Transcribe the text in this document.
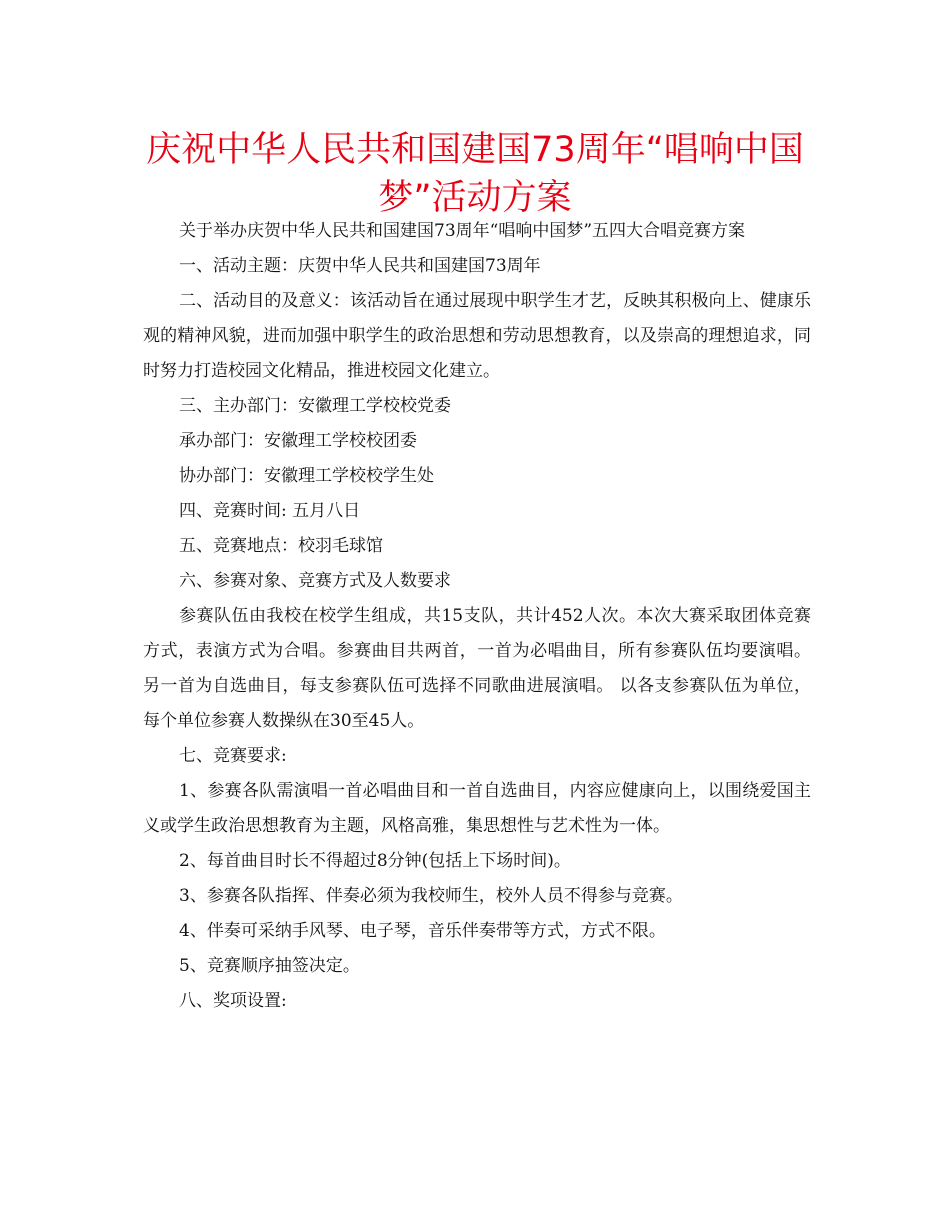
庆祝中华人民共和国建国73周年“唱响中国梦”活动方案

关于举办庆贺中华人民共和国建国73周年“唱响中国梦”五四大合唱竞赛方案

一、活动主题：庆贺中华人民共和国建国73周年

二、活动目的及意义：该活动旨在通过展现中职学生才艺，反映其积极向上、健康乐观的精神风貌，进而加强中职学生的政治思想和劳动思想教育，以及崇高的理想追求，同时努力打造校园文化精品，推进校园文化建立。

三、主办部门：安徽理工学校校党委

承办部门：安徽理工学校校团委

协办部门：安徽理工学校校学生处

四、竞赛时间: 五月八日

五、竞赛地点：校羽毛球馆

六、参赛对象、竞赛方式及人数要求

参赛队伍由我校在校学生组成，共15支队，共计452人次。本次大赛采取团体竞赛方式，表演方式为合唱。参赛曲目共两首，一首为必唱曲目，所有参赛队伍均要演唱。 另一首为自选曲目，每支参赛队伍可选择不同歌曲进展演唱。 以各支参赛队伍为单位，每个单位参赛人数操纵在30至45人。

七、竞赛要求:

1、参赛各队需演唱一首必唱曲目和一首自选曲目，内容应健康向上，以围绕爱国主义或学生政治思想教育为主题，风格高雅，集思想性与艺术性为一体。

2、每首曲目时长不得超过8分钟(包括上下场时间)。

3、参赛各队指挥、伴奏必须为我校师生，校外人员不得参与竞赛。

4、伴奏可采纳手风琴、电子琴，音乐伴奏带等方式，方式不限。

5、竞赛顺序抽签决定。

八、奖项设置:
